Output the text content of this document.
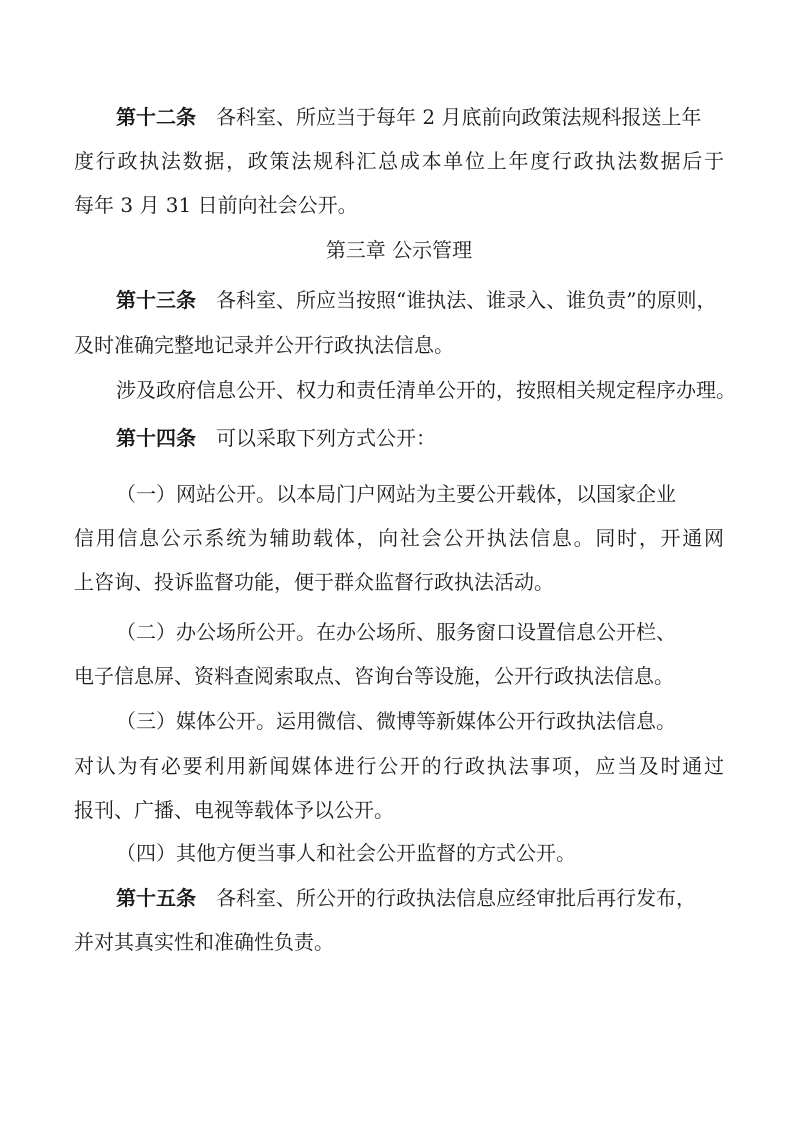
第十二条 各科室、所应当于每年 2 月底前向政策法规科报送上年
度行政执法数据，政策法规科汇总成本单位上年度行政执法数据后于
每年 3 月 31 日前向社会公开。
第三章 公示管理
第十三条 各科室、所应当按照“谁执法、谁录入、谁负责”的原则，
及时准确完整地记录并公开行政执法信息。
涉及政府信息公开、权力和责任清单公开的，按照相关规定程序办理。
第十四条 可以采取下列方式公开：
（一）网站公开。以本局门户网站为主要公开载体，以国家企业
信用信息公示系统为辅助载体，向社会公开执法信息。同时，开通网
上咨询、投诉监督功能，便于群众监督行政执法活动。
（二）办公场所公开。在办公场所、服务窗口设置信息公开栏、
电子信息屏、资料查阅索取点、咨询台等设施，公开行政执法信息。
（三）媒体公开。运用微信、微博等新媒体公开行政执法信息。
对认为有必要利用新闻媒体进行公开的行政执法事项，应当及时通过
报刊、广播、电视等载体予以公开。
（四）其他方便当事人和社会公开监督的方式公开。
第十五条 各科室、所公开的行政执法信息应经审批后再行发布，
并对其真实性和准确性负责。
